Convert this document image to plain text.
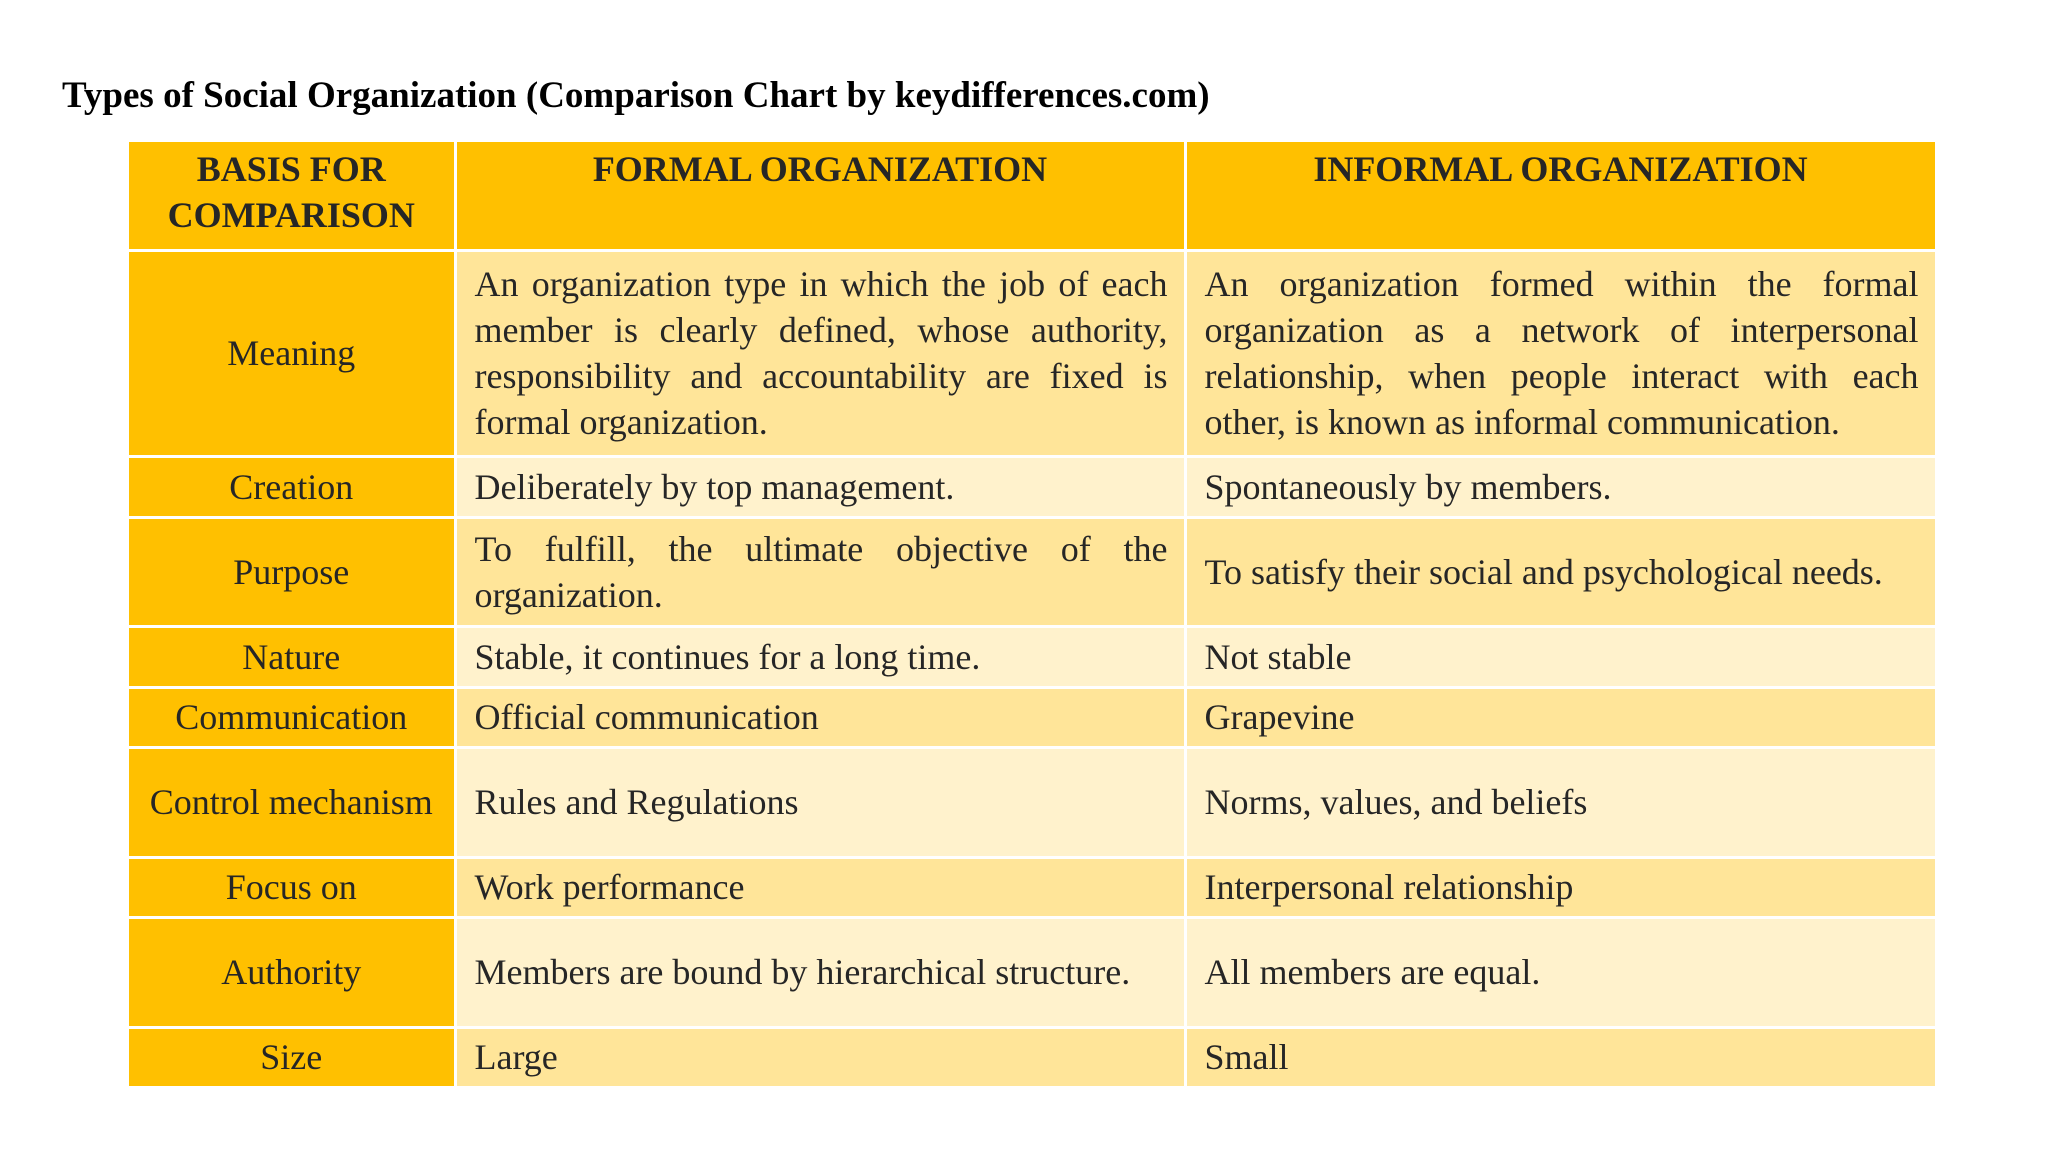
Types of Social Organization (Comparison Chart by keydifferences.com)
BASIS FOR COMPARISON	FORMAL ORGANIZATION	INFORMAL ORGANIZATION
Meaning	An organization type in which the job of each member is clearly defined, whose authority, responsibility and accountability are fixed is formal organization.	An organization formed within the formal organization as a network of interpersonal relationship, when people interact with each other, is known as informal communication.
Creation	Deliberately by top management.	Spontaneously by members.
Purpose	To fulfill, the ultimate objective of the organization.	To satisfy their social and psychological needs.
Nature	Stable, it continues for a long time.	Not stable
Communication	Official communication	Grapevine
Control mechanism	Rules and Regulations	Norms, values, and beliefs
Focus on	Work performance	Interpersonal relationship
Authority	Members are bound by hierarchical structure.	All members are equal.
Size	Large	Small
